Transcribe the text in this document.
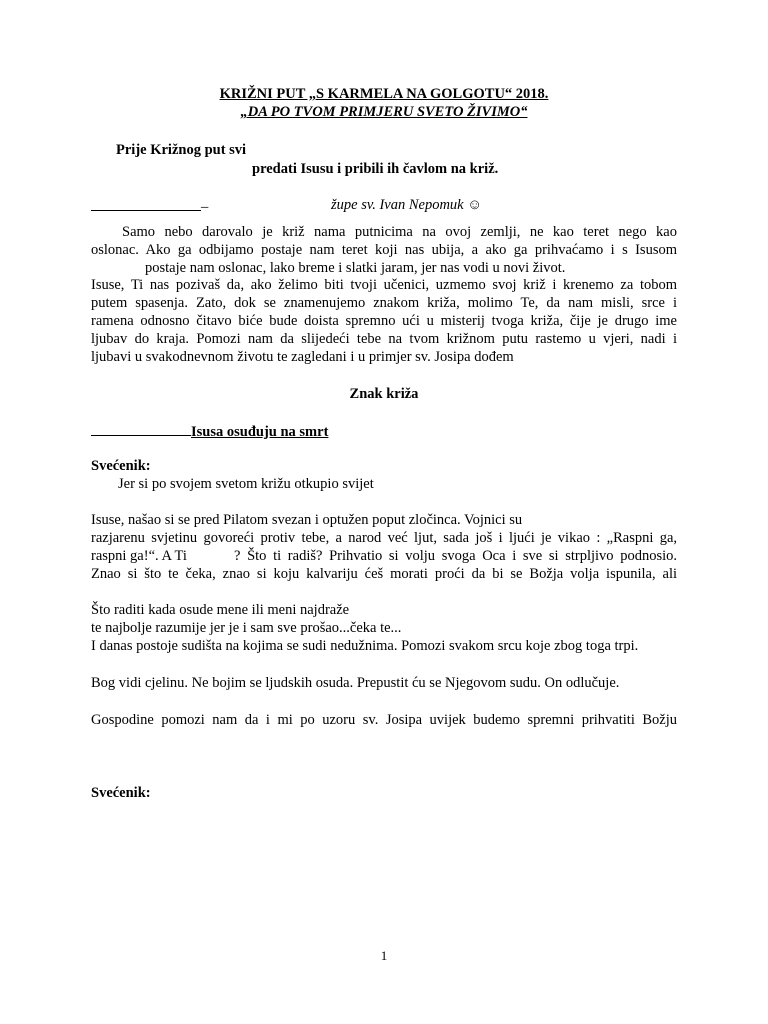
KRIŽNI PUT „S KARMELA NA GOLGOTU“ 2018.
„DA PO TVOM PRIMJERU SVETO ŽIVIMO“
Prije Križnog put svi
predati Isusu i pribili ih čavlom na križ.
–	župe sv. Ivan Nepomuk ☺
Samo nebo darovalo je križ nama putnicima na ovoj zemlji, ne kao teret nego kao
oslonac. Ako ga odbijamo postaje nam teret koji nas ubija, a ako ga prihvaćamo i s Isusom
postaje nam oslonac, lako breme i slatki jaram, jer nas vodi u novi život.
Isuse, Ti nas pozivaš da, ako želimo biti tvoji učenici, uzmemo svoj križ i krenemo za tobom
putem spasenja. Zato, dok se znamenujemo znakom križa, molimo Te, da nam misli, srce i
ramena odnosno čitavo biće bude doista spremno ući u misterij tvoga križa, čije je drugo ime
ljubav do kraja. Pomozi nam da slijedeći tebe na tvom križnom putu rastemo u vjeri, nadi i
ljubavi u svakodnevnom životu te zagledani i u primjer sv. Josipa dođem
Znak križa
Isusa osuđuju na smrt
Svećenik:
Jer si po svojem svetom križu otkupio svijet
Isuse, našao si se pred Pilatom svezan i optužen poput zločinca. Vojnici su
razjarenu svjetinu govoreći protiv tebe, a narod već ljut, sada još i ljući je vikao : „Raspni ga,
raspni ga!“. A Ti	? Što ti radiš? Prihvatio si volju svoga Oca i sve si strpljivo podnosio.
Znao si što te čeka, znao si koju kalvariju ćeš morati proći da bi se Božja volja ispunila, ali
Što raditi kada osude mene ili meni najdraže
te najbolje razumije jer je i sam sve prošao...čeka te...
I danas postoje sudišta na kojima se sudi nedužnima. Pomozi svakom srcu koje zbog toga trpi.
Bog vidi cjelinu. Ne bojim se ljudskih osuda. Prepustit ću se Njegovom sudu. On odlučuje.
Gospodine pomozi nam da i mi po uzoru sv. Josipa uvijek budemo spremni prihvatiti Božju
Svećenik:
1
